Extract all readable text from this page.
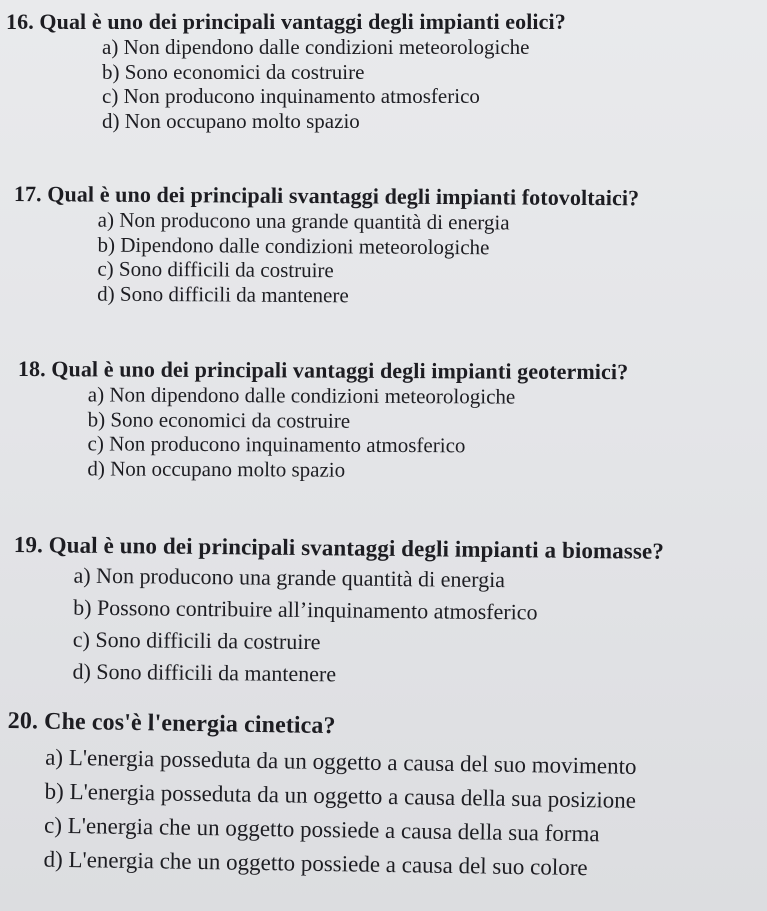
16. Qual è uno dei principali vantaggi degli impianti eolici?
a) Non dipendono dalle condizioni meteorologiche
b) Sono economici da costruire
c) Non producono inquinamento atmosferico
d) Non occupano molto spazio
17. Qual è uno dei principali svantaggi degli impianti fotovoltaici?
a) Non producono una grande quantità di energia
b) Dipendono dalle condizioni meteorologiche
c) Sono difficili da costruire
d) Sono difficili da mantenere
18. Qual è uno dei principali vantaggi degli impianti geotermici?
a) Non dipendono dalle condizioni meteorologiche
b) Sono economici da costruire
c) Non producono inquinamento atmosferico
d) Non occupano molto spazio
19. Qual è uno dei principali svantaggi degli impianti a biomasse?
a) Non producono una grande quantità di energia
b) Possono contribuire all’inquinamento atmosferico
c) Sono difficili da costruire
d) Sono difficili da mantenere
20. Che cos'è l'energia cinetica?
a) L'energia posseduta da un oggetto a causa del suo movimento
b) L'energia posseduta da un oggetto a causa della sua posizione
c) L'energia che un oggetto possiede a causa della sua forma
d) L'energia che un oggetto possiede a causa del suo colore
